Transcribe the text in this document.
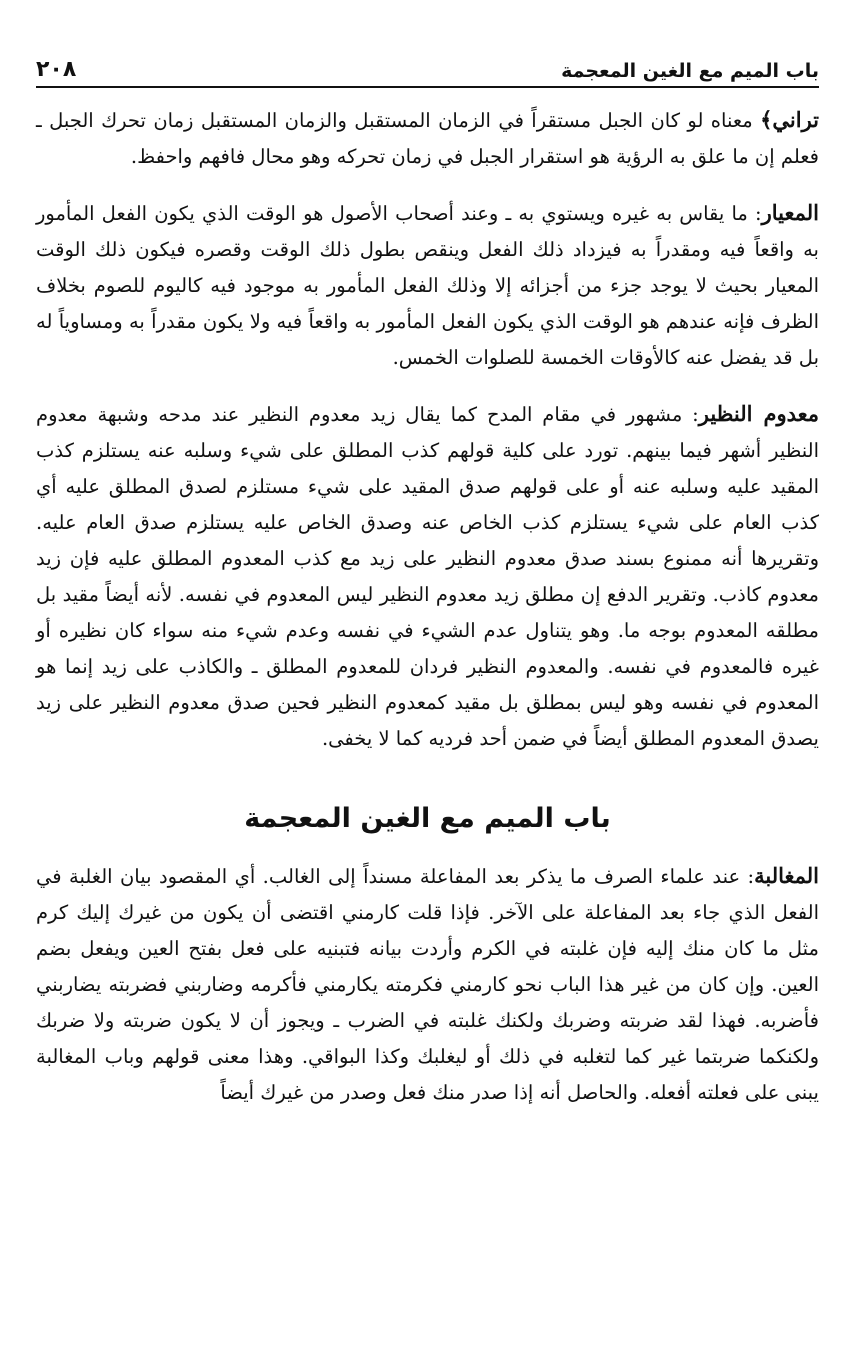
باب الميم مع الغين المعجمة
٢٠٨

تراني﴾ معناه لو كان الجبل مستقراً في الزمان المستقبل والزمان المستقبل زمان تحرك الجبل ـ فعلم إن ما علق به الرؤية هو استقرار الجبل في زمان تحركه وهو محال فافهم واحفظ.

المعيار: ما يقاس به غيره ويستوي به ـ وعند أصحاب الأصول هو الوقت الذي يكون الفعل المأمور به واقعاً فيه ومقدراً به فيزداد ذلك الفعل وينقص بطول ذلك الوقت وقصره فيكون ذلك الوقت المعيار بحيث لا يوجد جزء من أجزائه إلا وذلك الفعل المأمور به موجود فيه كاليوم للصوم بخلاف الظرف فإنه عندهم هو الوقت الذي يكون الفعل المأمور به واقعاً فيه ولا يكون مقدراً به ومساوياً له بل قد يفضل عنه كالأوقات الخمسة للصلوات الخمس.

معدوم النظير: مشهور في مقام المدح كما يقال زيد معدوم النظير عند مدحه وشبهة معدوم النظير أشهر فيما بينهم. تورد على كلية قولهم كذب المطلق على شيء وسلبه عنه يستلزم كذب المقيد عليه وسلبه عنه أو على قولهم صدق المقيد على شيء مستلزم لصدق المطلق عليه أي كذب العام على شيء يستلزم كذب الخاص عنه وصدق الخاص عليه يستلزم صدق العام عليه. وتقريرها أنه ممنوع بسند صدق معدوم النظير على زيد مع كذب المعدوم المطلق عليه فإن زيد معدوم كاذب. وتقرير الدفع إن مطلق زيد معدوم النظير ليس المعدوم في نفسه. لأنه أيضاً مقيد بل مطلقه المعدوم بوجه ما. وهو يتناول عدم الشيء في نفسه وعدم شيء منه سواء كان نظيره أو غيره فالمعدوم في نفسه. والمعدوم النظير فردان للمعدوم المطلق ـ والكاذب على زيد إنما هو المعدوم في نفسه وهو ليس بمطلق بل مقيد كمعدوم النظير فحين صدق معدوم النظير على زيد يصدق المعدوم المطلق أيضاً في ضمن أحد فرديه كما لا يخفى.

باب الميم مع الغين المعجمة

المغالبة: عند علماء الصرف ما يذكر بعد المفاعلة مسنداً إلى الغالب. أي المقصود بيان الغلبة في الفعل الذي جاء بعد المفاعلة على الآخر. فإذا قلت كارمني اقتضى أن يكون من غيرك إليك كرم مثل ما كان منك إليه فإن غلبته في الكرم وأردت بيانه فتبنيه على فعل بفتح العين ويفعل بضم العين. وإن كان من غير هذا الباب نحو كارمني فكرمته يكارمني فأكرمه وضاربني فضربته يضاربني فأضربه. فهذا لقد ضربته وضربك ولكنك غلبته في الضرب ـ ويجوز أن لا يكون ضربته ولا ضربك ولكنكما ضربتما غير كما لتغلبه في ذلك أو ليغلبك وكذا البواقي. وهذا معنى قولهم وباب المغالبة يبنى على فعلته أفعله. والحاصل أنه إذا صدر منك فعل وصدر من غيرك أيضاً
